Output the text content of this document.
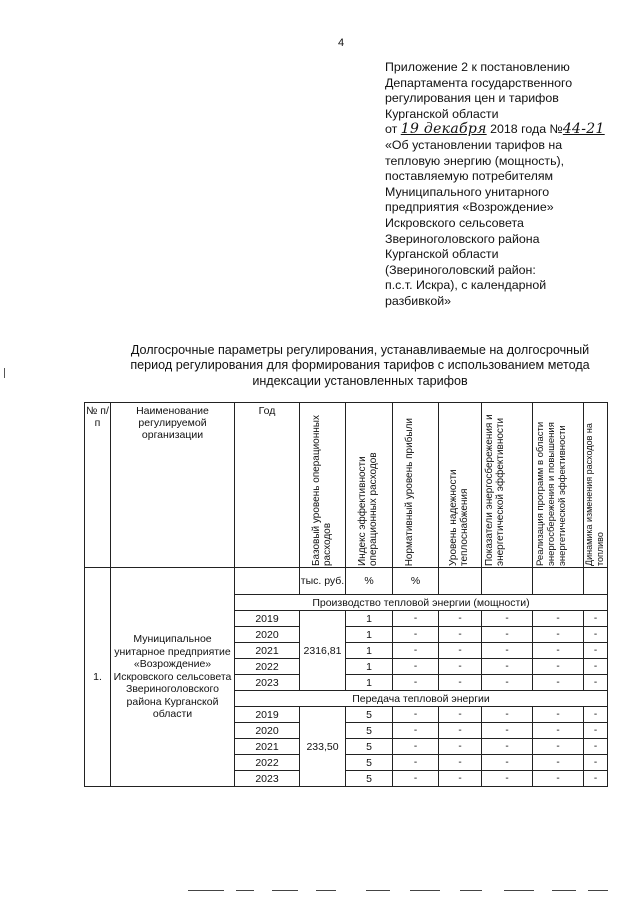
4
Приложение 2 к постановлению
Департамента государственного
регулирования цен и тарифов
Курганской области
от 19 декабря 2018 года №44-21
«Об установлении тарифов на
тепловую энергию (мощность),
поставляемую потребителям
Муниципального унитарного
предприятия «Возрождение»
Искровского сельсовета
Звериноголовского района
Курганской области
(Звериноголовский район:
п.с.т. Искра), с календарной
разбивкой»
Долгосрочные параметры регулирования, устанавливаемые на долгосрочный
период регулирования для формирования тарифов с использованием метода
индексации установленных тарифов
№ п/п	Наименование регулируемой организации	Год	Базовый уровень операционных расходов	Индекс эффективности операционных расходов	Нормативный уровень прибыли	Уровень надежности теплоснабжения	Показатели энергосбережения и энергетической эффективности	Реализация программ в области энергосбережения и повышения энергетической эффективности	Динамика изменения расходов на топливо

1.	Муниципальное унитарное предприятие «Возрождение» Искровского сельсовета Звериноголовского района Курганской области		тыс. руб.	%	%				
		Производство тепловой энергии (мощности)							
		2019	2316,81	1	-	-	-	-	-
		2020		1	-	-	-	-	-
		2021		1	-	-	-	-	-
		2022		1	-	-	-	-	-
		2023		1	-	-	-	-	-
		Передача тепловой энергии							
		2019	233,50	5	-	-	-	-	-
		2020		5	-	-	-	-	-
		2021		5	-	-	-	-	-
		2022		5	-	-	-	-	-
		2023		5	-	-	-	-	-
